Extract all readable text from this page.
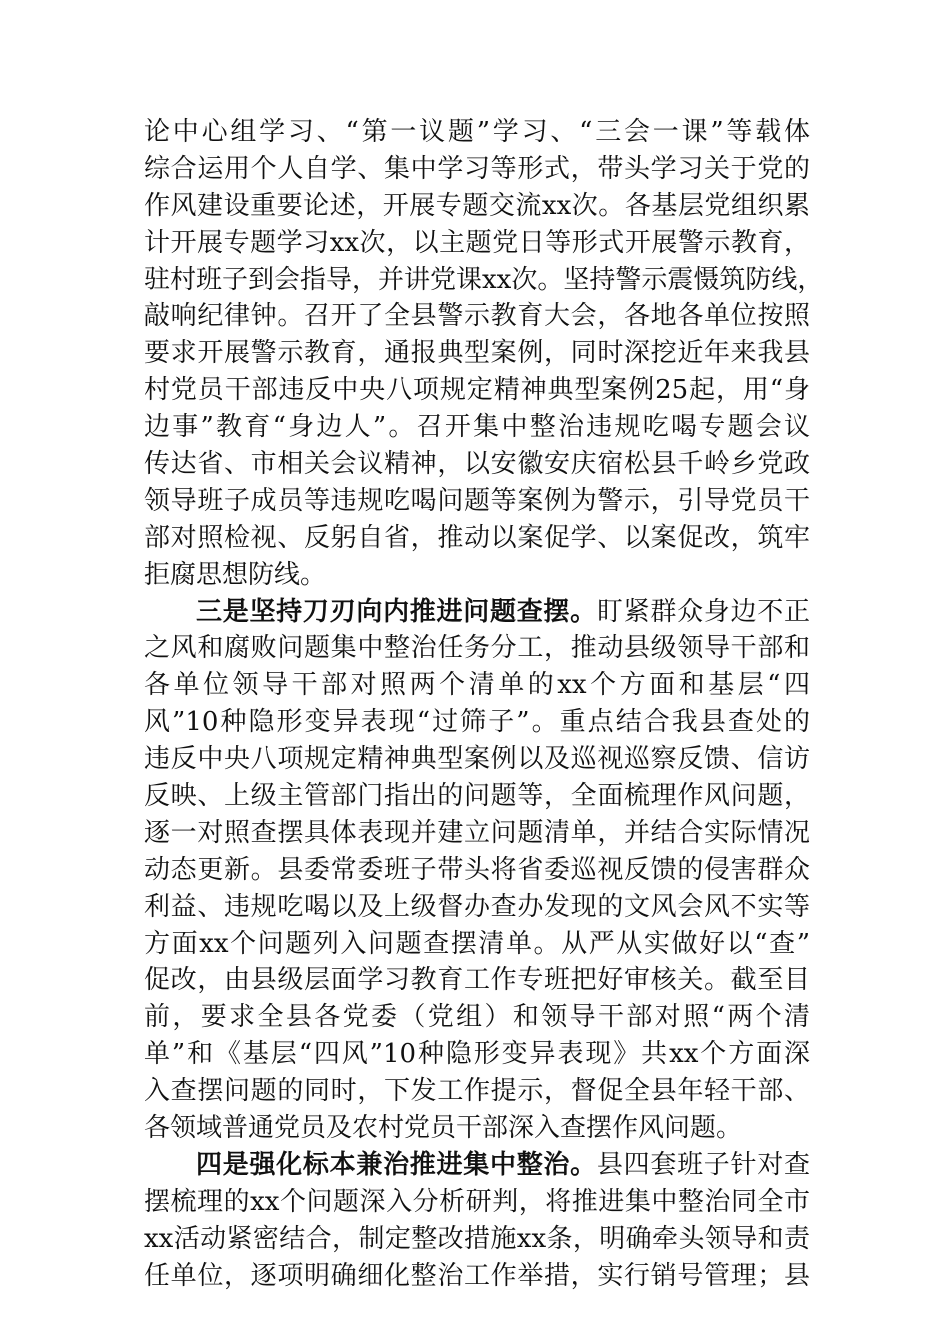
论中心组学习、“第一议题”学习、“三会一课”等载体
综合运用个人自学、集中学习等形式，带头学习关于党的
作风建设重要论述，开展专题交流xx次。各基层党组织累
计开展专题学习xx次，以主题党日等形式开展警示教育，
驻村班子到会指导，并讲党课xx次。坚持警示震慑筑防线，
敲响纪律钟。召开了全县警示教育大会，各地各单位按照
要求开展警示教育，通报典型案例，同时深挖近年来我县
村党员干部违反中央八项规定精神典型案例25起，用“身
边事”教育“身边人”。召开集中整治违规吃喝专题会议
传达省、市相关会议精神，以安徽安庆宿松县千岭乡党政
领导班子成员等违规吃喝问题等案例为警示，引导党员干
部对照检视、反躬自省，推动以案促学、以案促改，筑牢
拒腐思想防线。
三是坚持刀刃向内推进问题查摆。盯紧群众身边不正
之风和腐败问题集中整治任务分工，推动县级领导干部和
各单位领导干部对照两个清单的xx个方面和基层“四
风”10种隐形变异表现“过筛子”。重点结合我县查处的
违反中央八项规定精神典型案例以及巡视巡察反馈、信访
反映、上级主管部门指出的问题等，全面梳理作风问题，
逐一对照查摆具体表现并建立问题清单，并结合实际情况
动态更新。县委常委班子带头将省委巡视反馈的侵害群众
利益、违规吃喝以及上级督办查办发现的文风会风不实等
方面xx个问题列入问题查摆清单。从严从实做好以“查”
促改，由县级层面学习教育工作专班把好审核关。截至目
前，要求全县各党委（党组）和领导干部对照“两个清
单”和《基层“四风”10种隐形变异表现》共xx个方面深
入查摆问题的同时，下发工作提示，督促全县年轻干部、
各领域普通党员及农村党员干部深入查摆作风问题。
四是强化标本兼治推进集中整治。县四套班子针对查
摆梳理的xx个问题深入分析研判，将推进集中整治同全市
xx活动紧密结合，制定整改措施xx条，明确牵头领导和责
任单位，逐项明确细化整治工作举措，实行销号管理；县
